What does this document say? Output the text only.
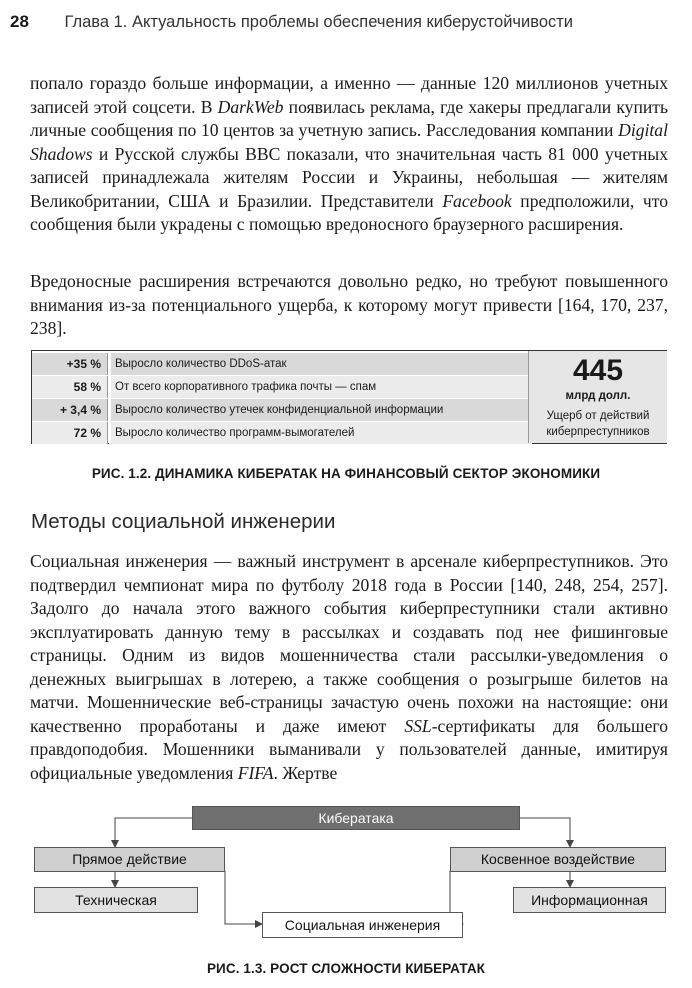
28 Глава 1. Актуальность проблемы обеспечения киберустойчивости

попало гораздо больше информации, а именно — данные 120 миллионов учетных записей этой соцсети. В DarkWeb появилась реклама, где хакеры предлагали купить личные сообщения по 10 центов за учетную запись. Расследования компании Digital Shadows и Русской службы BBC показали, что значительная часть 81 000 учетных записей принадлежала жителям России и Украины, небольшая — жителям Великобритании, США и Бразилии. Представители Facebook предположили, что сообщения были украдены с помощью вредоносного браузерного расширения.

Вредоносные расширения встречаются довольно редко, но требуют повышенного внимания из-за потенциального ущерба, к которому могут привести [164, 170, 237, 238].

+35 %	Выросло количество DDoS-атак
58 %	От всего корпоративного трафика почты — спам
+ 3,4 %	Выросло количество утечек конфиденциальной информации
72 %	Выросло количество программ-вымогателей
445
млрд долл.
Ущерб от действий киберпреступников
РИС. 1.2. ДИНАМИКА КИБЕРАТАК НА ФИНАНСОВЫЙ СЕКТОР ЭКОНОМИКИ
Методы социальной инженерии

Социальная инженерия — важный инструмент в арсенале киберпреступников. Это подтвердил чемпионат мира по футболу 2018 года в России [140, 248, 254, 257]. Задолго до начала этого важного события киберпреступники стали активно эксплуатировать данную тему в рассылках и создавать под нее фишинговые страницы. Одним из видов мошенничества стали рассылки-уведомления о денежных выигрышах в лотерею, а также сообщения о розыгрыше билетов на матчи. Мошеннические веб-страницы зачастую очень похожи на настоящие: они качественно проработаны и даже имеют SSL-сертификаты для большего правдоподобия. Мошенники выманивали у пользователей данные, имитируя официальные уведомления FIFA. Жертве

Кибератака
Прямое действие	Косвенное воздействие
Техническая	Информационная
Социальная инженерия
РИС. 1.3. РОСТ СЛОЖНОСТИ КИБЕРАТАК
